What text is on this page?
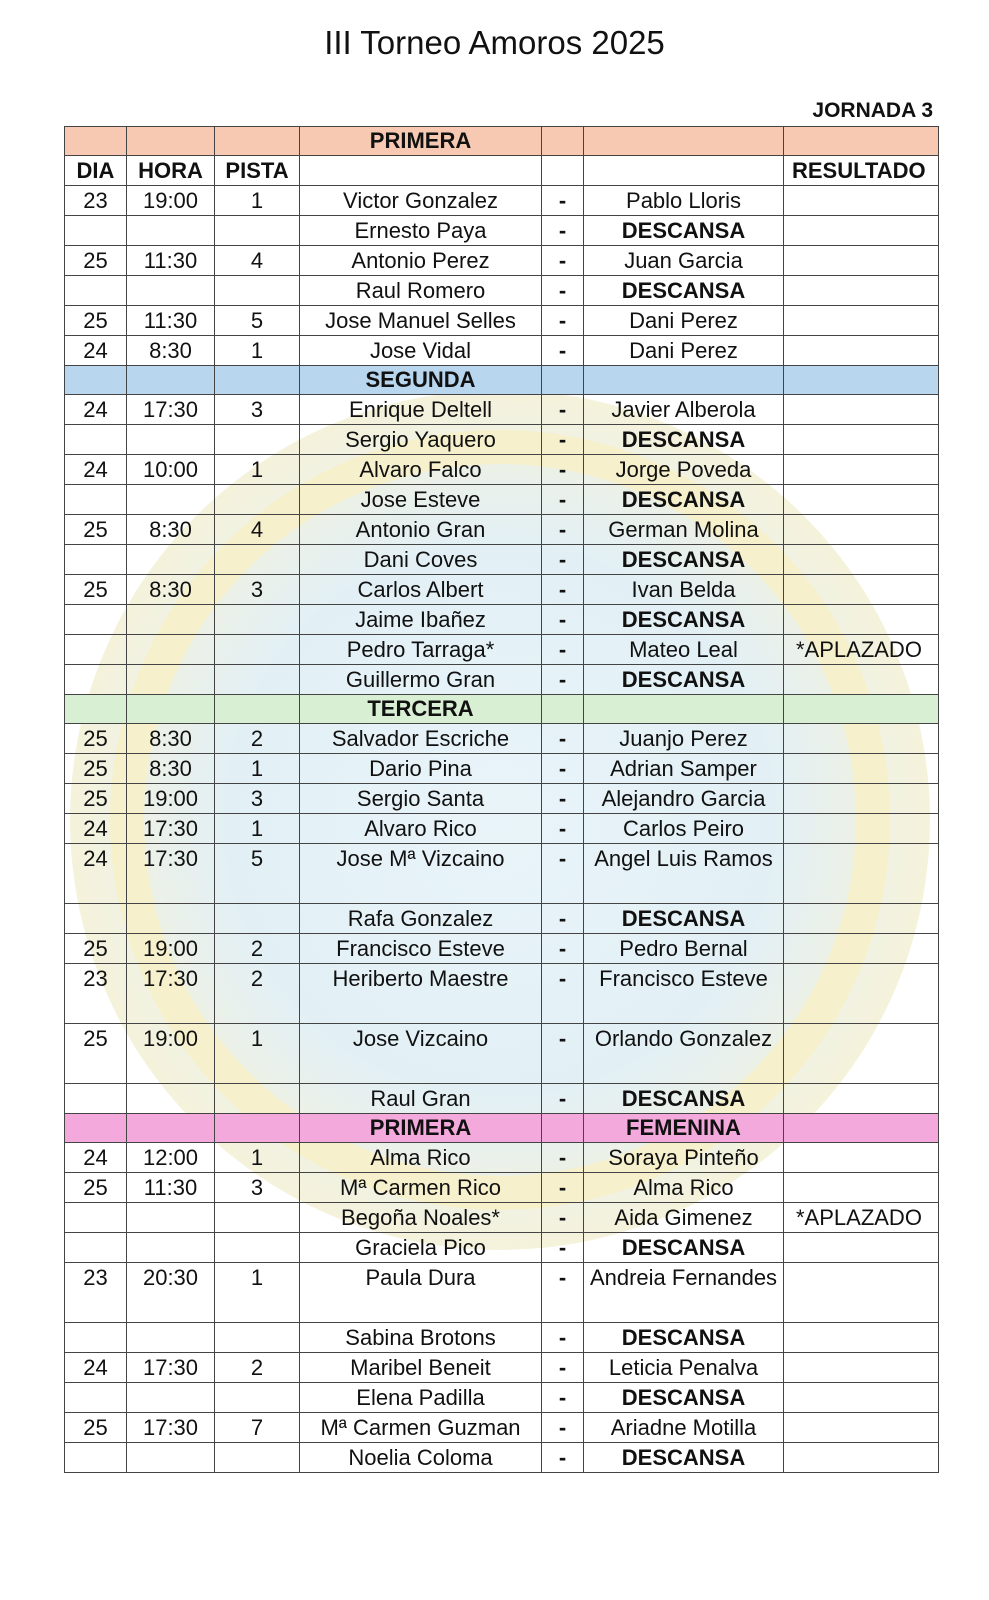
III Torneo Amoros 2025
JORNADA 3
			PRIMERA			
DIA	HORA	PISTA				RESULTADO
23	19:00	1	Victor Gonzalez	-	Pablo Lloris	
			Ernesto Paya	-	DESCANSA	
25	11:30	4	Antonio Perez	-	Juan Garcia	
			Raul Romero	-	DESCANSA	
25	11:30	5	Jose Manuel Selles	-	Dani Perez	
24	8:30	1	Jose Vidal	-	Dani Perez	
			SEGUNDA			
24	17:30	3	Enrique Deltell	-	Javier Alberola	
			Sergio Yaquero	-	DESCANSA	
24	10:00	1	Alvaro Falco	-	Jorge Poveda	
			Jose Esteve	-	DESCANSA	
25	8:30	4	Antonio Gran	-	German Molina	
			Dani Coves	-	DESCANSA	
25	8:30	3	Carlos Albert	-	Ivan Belda	
			Jaime Ibañez	-	DESCANSA	
			Pedro Tarraga*	-	Mateo Leal	*APLAZADO
			Guillermo Gran	-	DESCANSA	
			TERCERA			
25	8:30	2	Salvador Escriche	-	Juanjo Perez	
25	8:30	1	Dario Pina	-	Adrian Samper	
25	19:00	3	Sergio Santa	-	Alejandro Garcia	
24	17:30	1	Alvaro Rico	-	Carlos Peiro	
24	17:30	5	Jose Mª Vizcaino	-	Angel Luis Ramos	
			Rafa Gonzalez	-	DESCANSA	
25	19:00	2	Francisco Esteve	-	Pedro Bernal	
23	17:30	2	Heriberto Maestre	-	Francisco Esteve	
25	19:00	1	Jose Vizcaino	-	Orlando Gonzalez	
			Raul Gran	-	DESCANSA	
			PRIMERA		FEMENINA	
24	12:00	1	Alma Rico	-	Soraya Pinteño	
25	11:30	3	Mª Carmen Rico	-	Alma Rico	
			Begoña Noales*	-	Aida Gimenez	*APLAZADO
			Graciela Pico	-	DESCANSA	
23	20:30	1	Paula Dura	-	Andreia Fernandes	
			Sabina Brotons	-	DESCANSA	
24	17:30	2	Maribel Beneit	-	Leticia Penalva	
			Elena Padilla	-	DESCANSA	
25	17:30	7	Mª Carmen Guzman	-	Ariadne Motilla	
			Noelia Coloma	-	DESCANSA	
